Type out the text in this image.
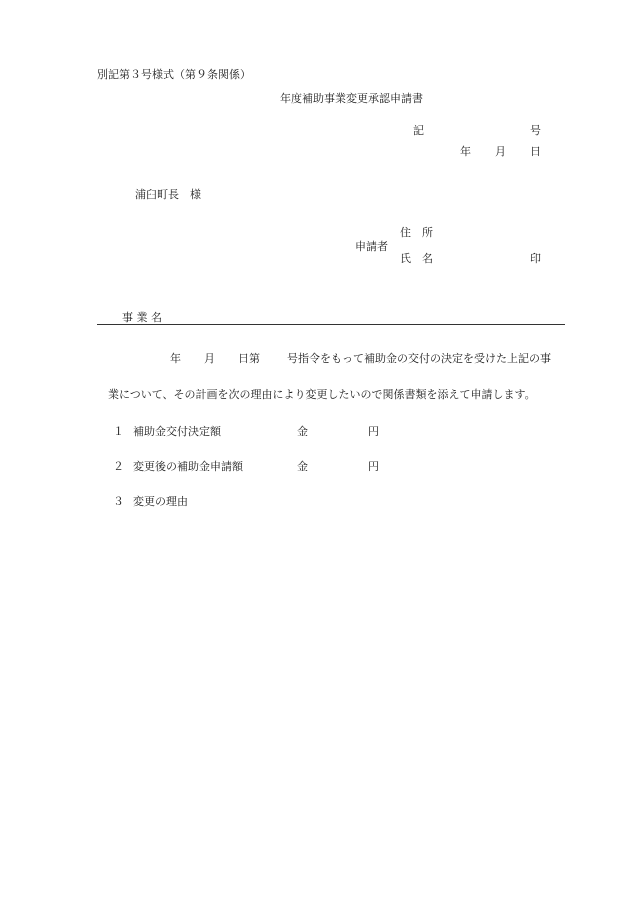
別記第３号様式（第９条関係）
年度補助事業変更承認申請書
記	号
年 月 日
浦臼町長　様
申請者
住　所
氏　名	印
事 業 名
年 月 日第 号指令をもって補助金の交付の決定を受けた上記の事
業について、その計画を次の理由により変更したいので関係書類を添えて申請します。
１ 補助金交付決定額	金	円
２ 変更後の補助金申請額	金	円
３ 変更の理由
